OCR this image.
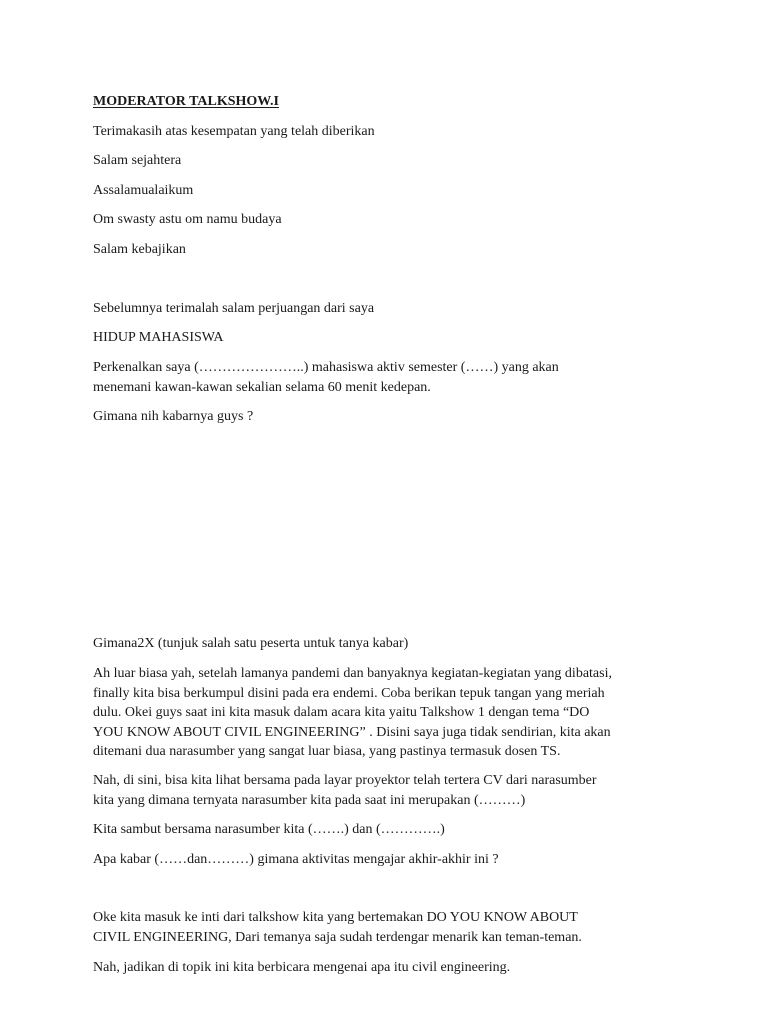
MODERATOR TALKSHOW.I

Terimakasih atas kesempatan yang telah diberikan

Salam sejahtera

Assalamualaikum

Om swasty astu om namu budaya

Salam kebajikan

Sebelumnya terimalah salam perjuangan dari saya

HIDUP MAHASISWA

Perkenalkan saya (…………………..) mahasiswa aktiv semester (……) yang akan
menemani kawan-kawan sekalian selama 60 menit kedepan.

Gimana nih kabarnya guys ?

Gimana2X (tunjuk salah satu peserta untuk tanya kabar)

Ah luar biasa yah, setelah lamanya pandemi dan banyaknya kegiatan-kegiatan yang dibatasi,
finally kita bisa berkumpul disini pada era endemi. Coba berikan tepuk tangan yang meriah
dulu. Okei guys saat ini kita masuk dalam acara kita yaitu Talkshow 1 dengan tema “DO
YOU KNOW ABOUT CIVIL ENGINEERING” . Disini saya juga tidak sendirian, kita akan
ditemani dua narasumber yang sangat luar biasa, yang pastinya termasuk dosen TS.
Nah, di sini, bisa kita lihat bersama pada layar proyektor telah tertera CV dari narasumber
kita yang dimana ternyata narasumber kita pada saat ini merupakan (………)

Kita sambut bersama narasumber kita (…….) dan (………….)

Apa kabar (……dan………) gimana aktivitas mengajar akhir-akhir ini ?

Oke kita masuk ke inti dari talkshow kita yang bertemakan DO YOU KNOW ABOUT
CIVIL ENGINEERING, Dari temanya saja sudah terdengar menarik kan teman-teman.

Nah, jadikan di topik ini kita berbicara mengenai apa itu civil engineering.
